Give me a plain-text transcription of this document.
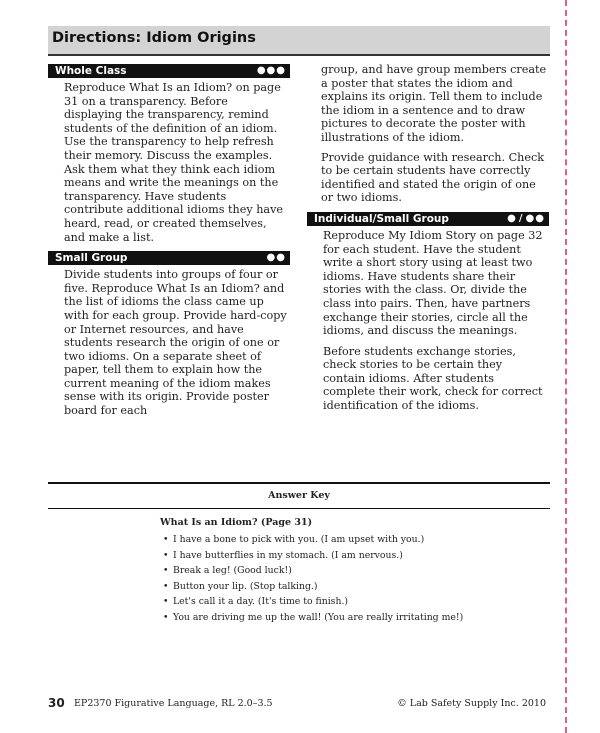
Directions: Idiom Origins
Whole Class	●●●

Reproduce What Is an Idiom? on page 31 on a transparency. Before displaying the transparency, remind students of the definition of an idiom. Use the transparency to help refresh their memory. Discuss the examples. Ask them what they think each idiom means and write the meanings on the transparency. Have students contribute additional idioms they have heard, read, or created themselves, and make a list.

Small Group	●●

Divide students into groups of four or five. Reproduce What Is an Idiom? and the list of idioms the class came up with for each group. Provide hard-copy or Internet resources, and have students research the origin of one or two idioms. On a separate sheet of paper, tell them to explain how the current meaning of the idiom makes sense with its origin. Provide poster board for each

group, and have group members create a poster that states the idiom and explains its origin. Tell them to include the idiom in a sentence and to draw pictures to decorate the poster with illustrations of the idiom.

Provide guidance with research. Check to be certain students have correctly identified and stated the origin of one or two idioms.

Individual/Small Group	● / ●●

Reproduce My Idiom Story on page 32 for each student. Have the student write a short story using at least two idioms. Have students share their stories with the class. Or, divide the class into pairs. Then, have partners exchange their stories, circle all the idioms, and discuss the meanings.

Before students exchange stories, check stories to be certain they contain idioms. After students complete their work, check for correct identification of the idioms.

Answer Key
What Is an Idiom? (Page 31)
• I have a bone to pick with you. (I am upset with you.)
• I have butterflies in my stomach. (I am nervous.)
• Break a leg! (Good luck!)
• Button your lip. (Stop talking.)
• Let's call it a day. (It's time to finish.)
• You are driving me up the wall! (You are really irritating me!)
30 EP2370 Figurative Language, RL 2.0–3.5	© Lab Safety Supply Inc. 2010
